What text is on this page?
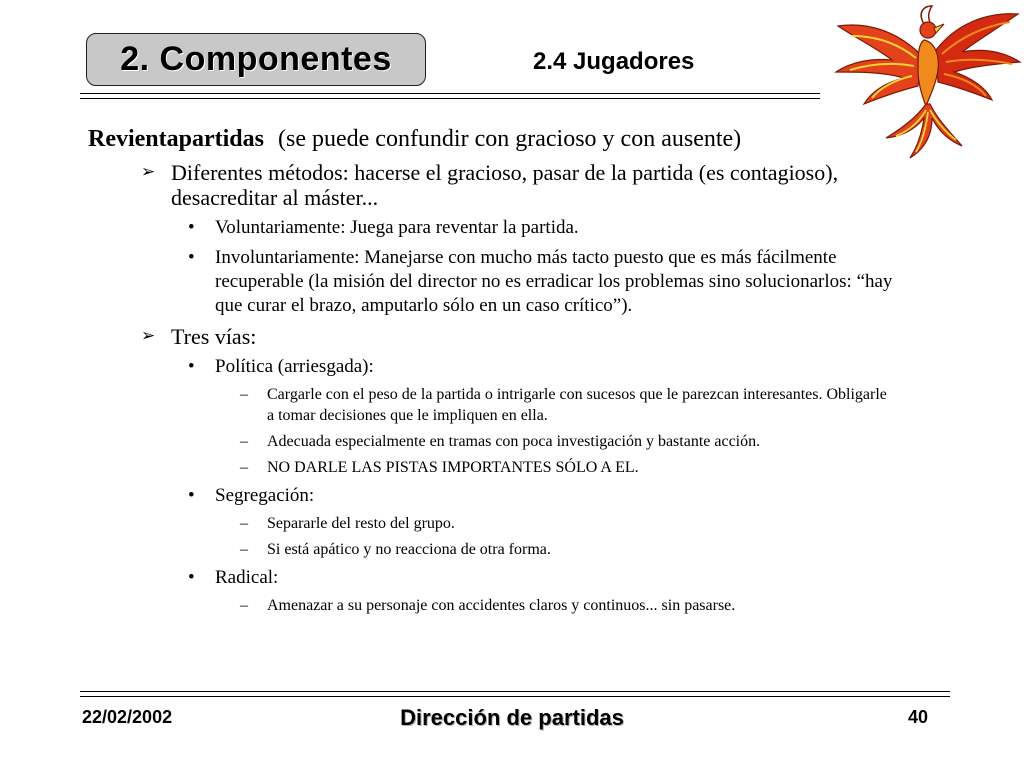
2. Componentes	2.4 Jugadores
Revientapartidas (se puede confundir con gracioso y con ausente)
➢ Diferentes métodos: hacerse el gracioso, pasar de la partida (es contagioso), desacreditar al máster...
• Voluntariamente: Juega para reventar la partida.
• Involuntariamente: Manejarse con mucho más tacto puesto que es más fácilmente recuperable (la misión del director no es erradicar los problemas sino solucionarlos: “hay que curar el brazo, amputarlo sólo en un caso crítico”).
➢ Tres vías:
• Política (arriesgada):
– Cargarle con el peso de la partida o intrigarle con sucesos que le parezcan interesantes. Obligarle a tomar decisiones que le impliquen en ella.
– Adecuada especialmente en tramas con poca investigación y bastante acción.
– NO DARLE LAS PISTAS IMPORTANTES SÓLO A EL.
• Segregación:
– Separarle del resto del grupo.
– Si está apático y no reacciona de otra forma.
• Radical:
– Amenazar a su personaje con accidentes claros y continuos... sin pasarse.
22/02/2002	Dirección de partidas	40
